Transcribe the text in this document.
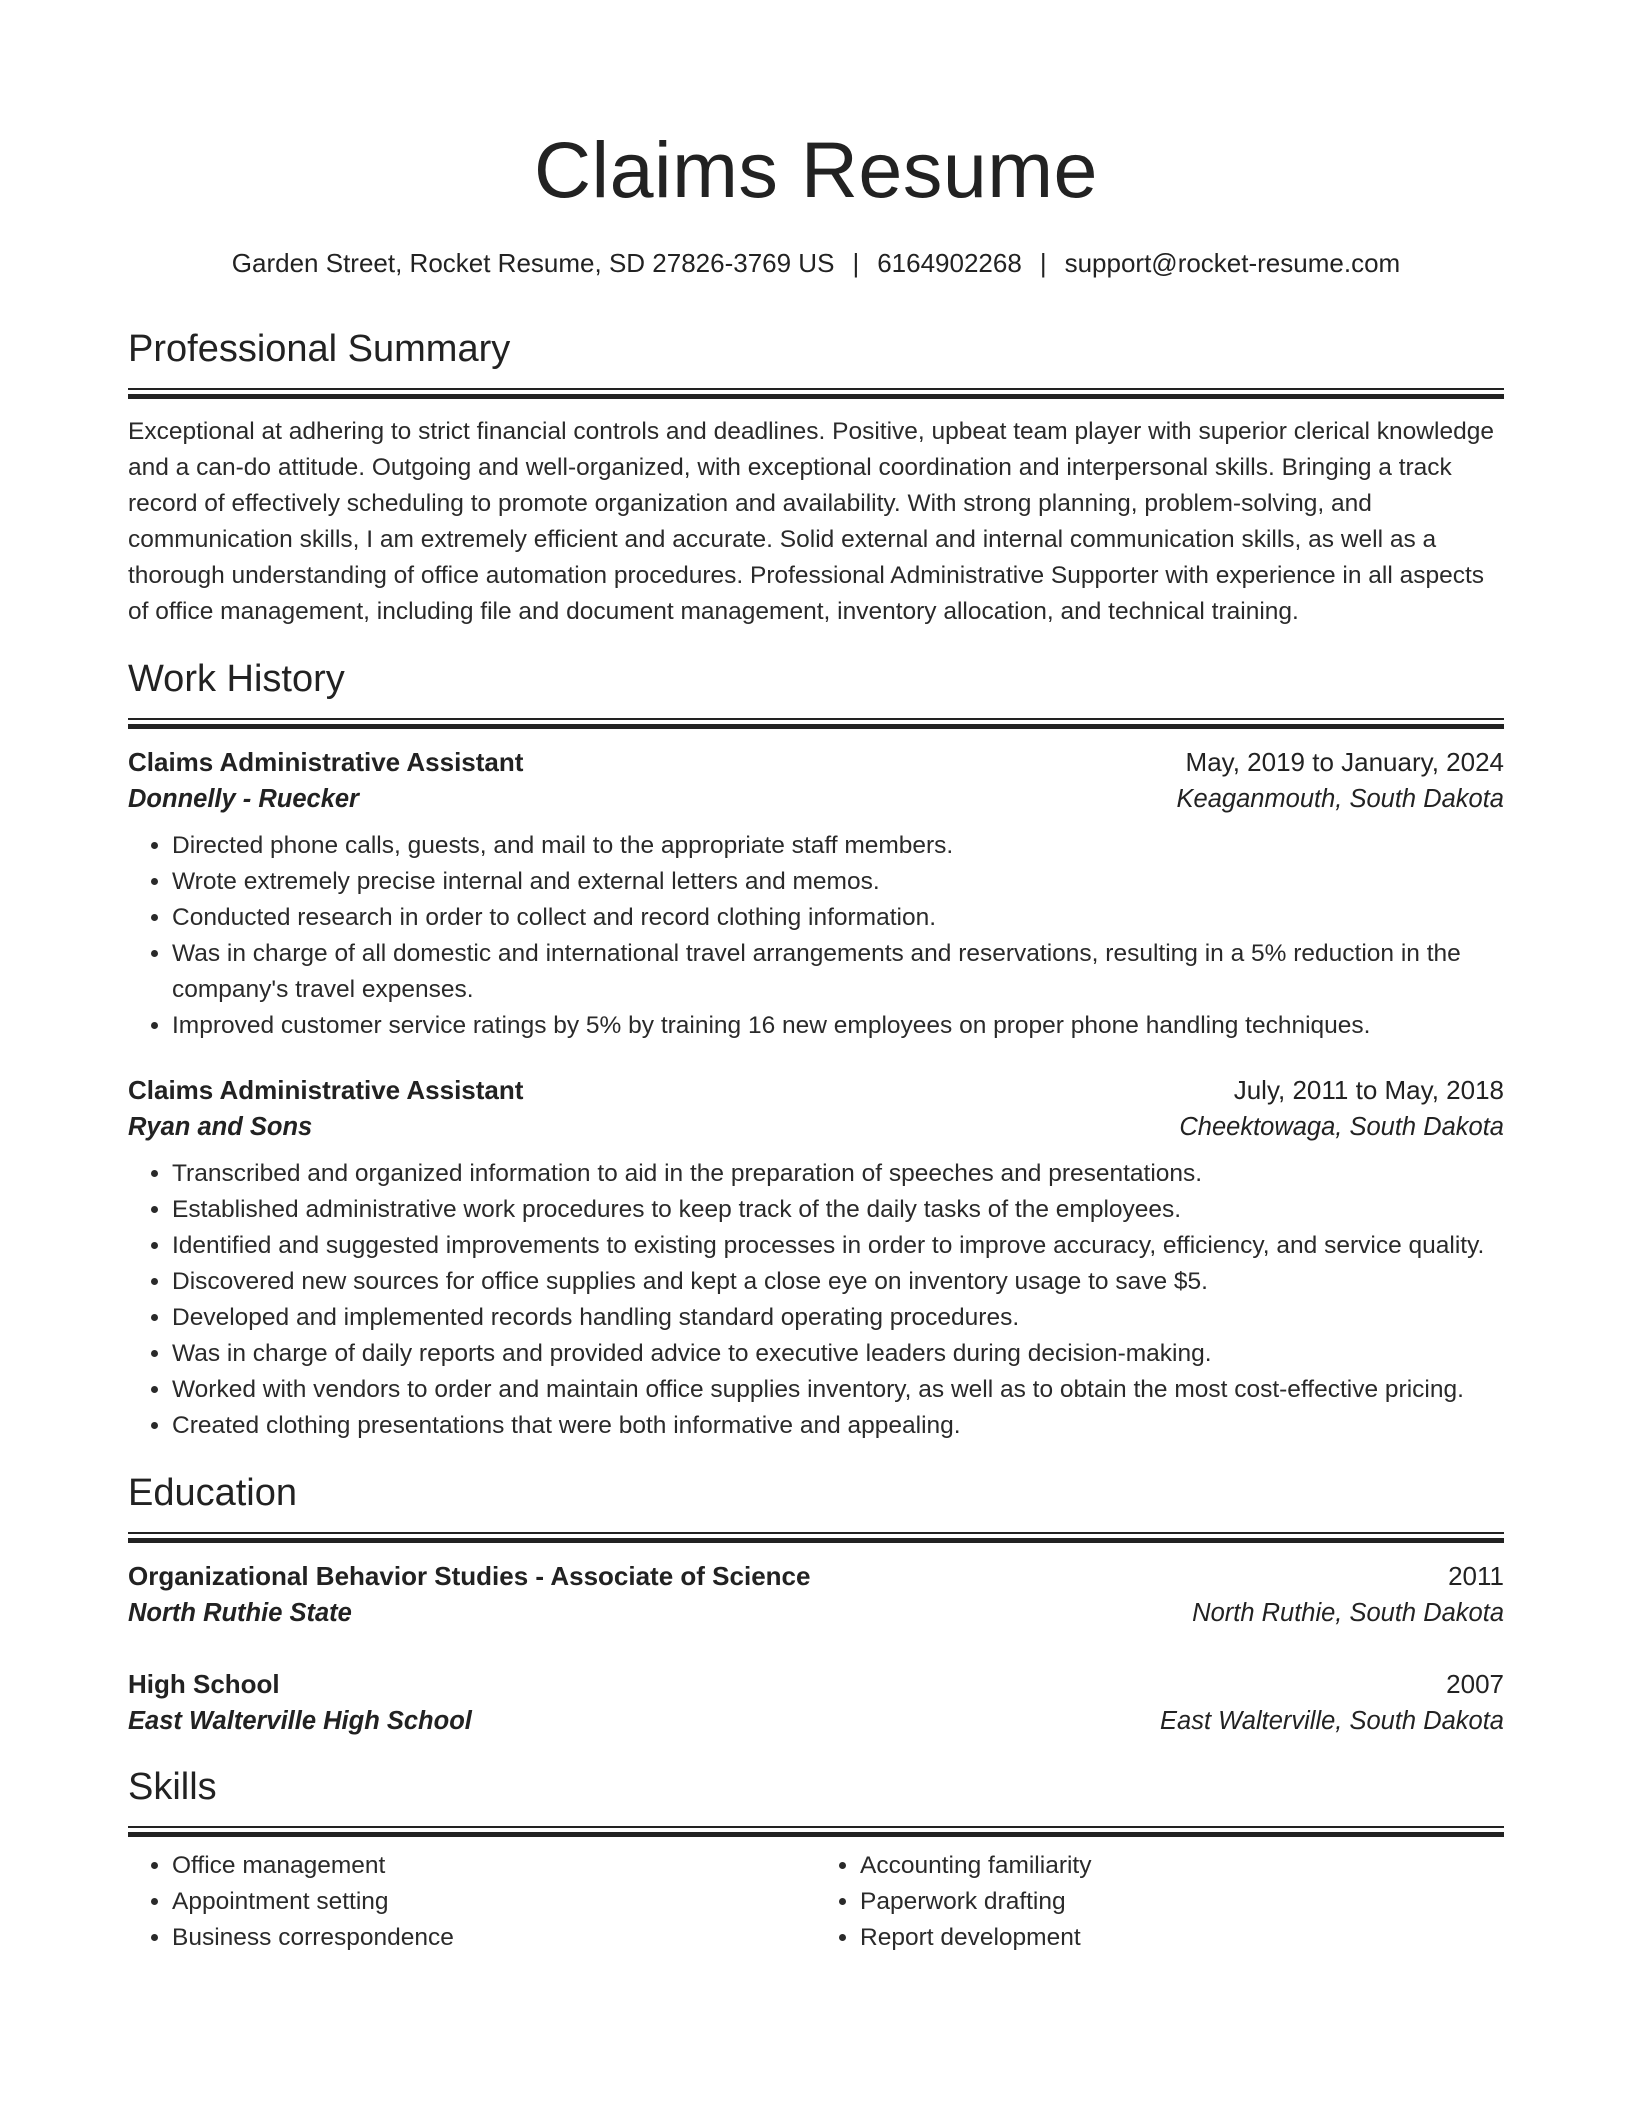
Claims Resume
Garden Street, Rocket Resume, SD 27826-3769 US | 6164902268 | support@rocket-resume.com
Professional Summary
Exceptional at adhering to strict financial controls and deadlines. Positive, upbeat team player with superior clerical knowledge and a can-do attitude. Outgoing and well-organized, with exceptional coordination and interpersonal skills. Bringing a track record of effectively scheduling to promote organization and availability. With strong planning, problem-solving, and communication skills, I am extremely efficient and accurate. Solid external and internal communication skills, as well as a thorough understanding of office automation procedures. Professional Administrative Supporter with experience in all aspects of office management, including file and document management, inventory allocation, and technical training.
Work History
Claims Administrative Assistant	May, 2019 to January, 2024
Donnelly - Ruecker	Keaganmouth, South Dakota
• Directed phone calls, guests, and mail to the appropriate staff members.
• Wrote extremely precise internal and external letters and memos.
• Conducted research in order to collect and record clothing information.
• Was in charge of all domestic and international travel arrangements and reservations, resulting in a 5% reduction in the company's travel expenses.
• Improved customer service ratings by 5% by training 16 new employees on proper phone handling techniques.
Claims Administrative Assistant	July, 2011 to May, 2018
Ryan and Sons	Cheektowaga, South Dakota
• Transcribed and organized information to aid in the preparation of speeches and presentations.
• Established administrative work procedures to keep track of the daily tasks of the employees.
• Identified and suggested improvements to existing processes in order to improve accuracy, efficiency, and service quality.
• Discovered new sources for office supplies and kept a close eye on inventory usage to save $5.
• Developed and implemented records handling standard operating procedures.
• Was in charge of daily reports and provided advice to executive leaders during decision-making.
• Worked with vendors to order and maintain office supplies inventory, as well as to obtain the most cost-effective pricing.
• Created clothing presentations that were both informative and appealing.
Education
Organizational Behavior Studies - Associate of Science	2011
North Ruthie State	North Ruthie, South Dakota
High School	2007
East Walterville High School	East Walterville, South Dakota
Skills
• Office management
• Appointment setting
• Business correspondence
• Accounting familiarity
• Paperwork drafting
• Report development
